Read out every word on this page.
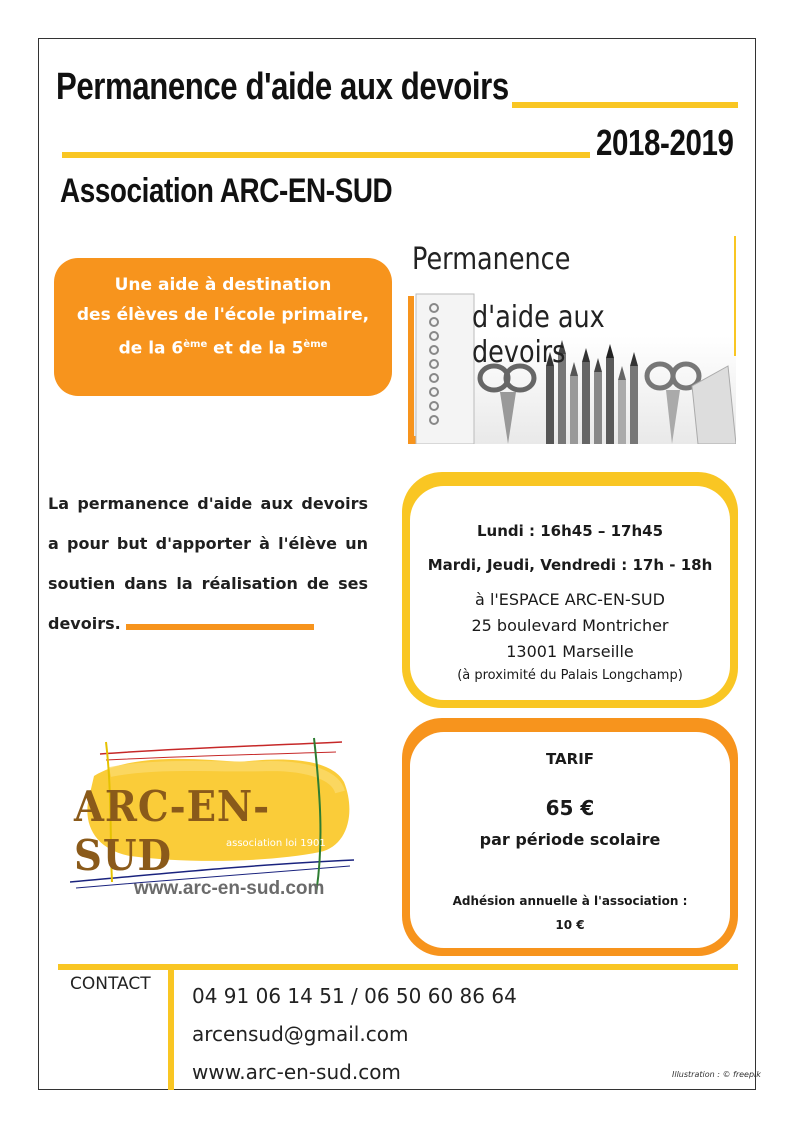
Permanence d'aide aux devoirs
2018-2019
Association ARC-EN-SUD
Une aide à destination
des élèves de l'école primaire,
de la 6ème et de la 5ème
Permanence
d'aide aux devoirs
La permanence d'aide aux devoirs a pour but d'apporter à l'élève un soutien dans la réalisation de ses devoirs.
Lundi : 16h45 – 17h45
Mardi, Jeudi, Vendredi : 17h - 18h
à l'ESPACE ARC-EN-SUD
25 boulevard Montricher
13001 Marseille
(à proximité du Palais Longchamp)
TARIF
65 €
par période scolaire
Adhésion annuelle à l'association :
10 €
ARC-EN-SUD	association loi 1901
www.arc-en-sud.com
CONTACT 04 91 06 14 51 / 06 50 60 86 64
arcensud@gmail.com
www.arc-en-sud.com	Illustration : © freepik
